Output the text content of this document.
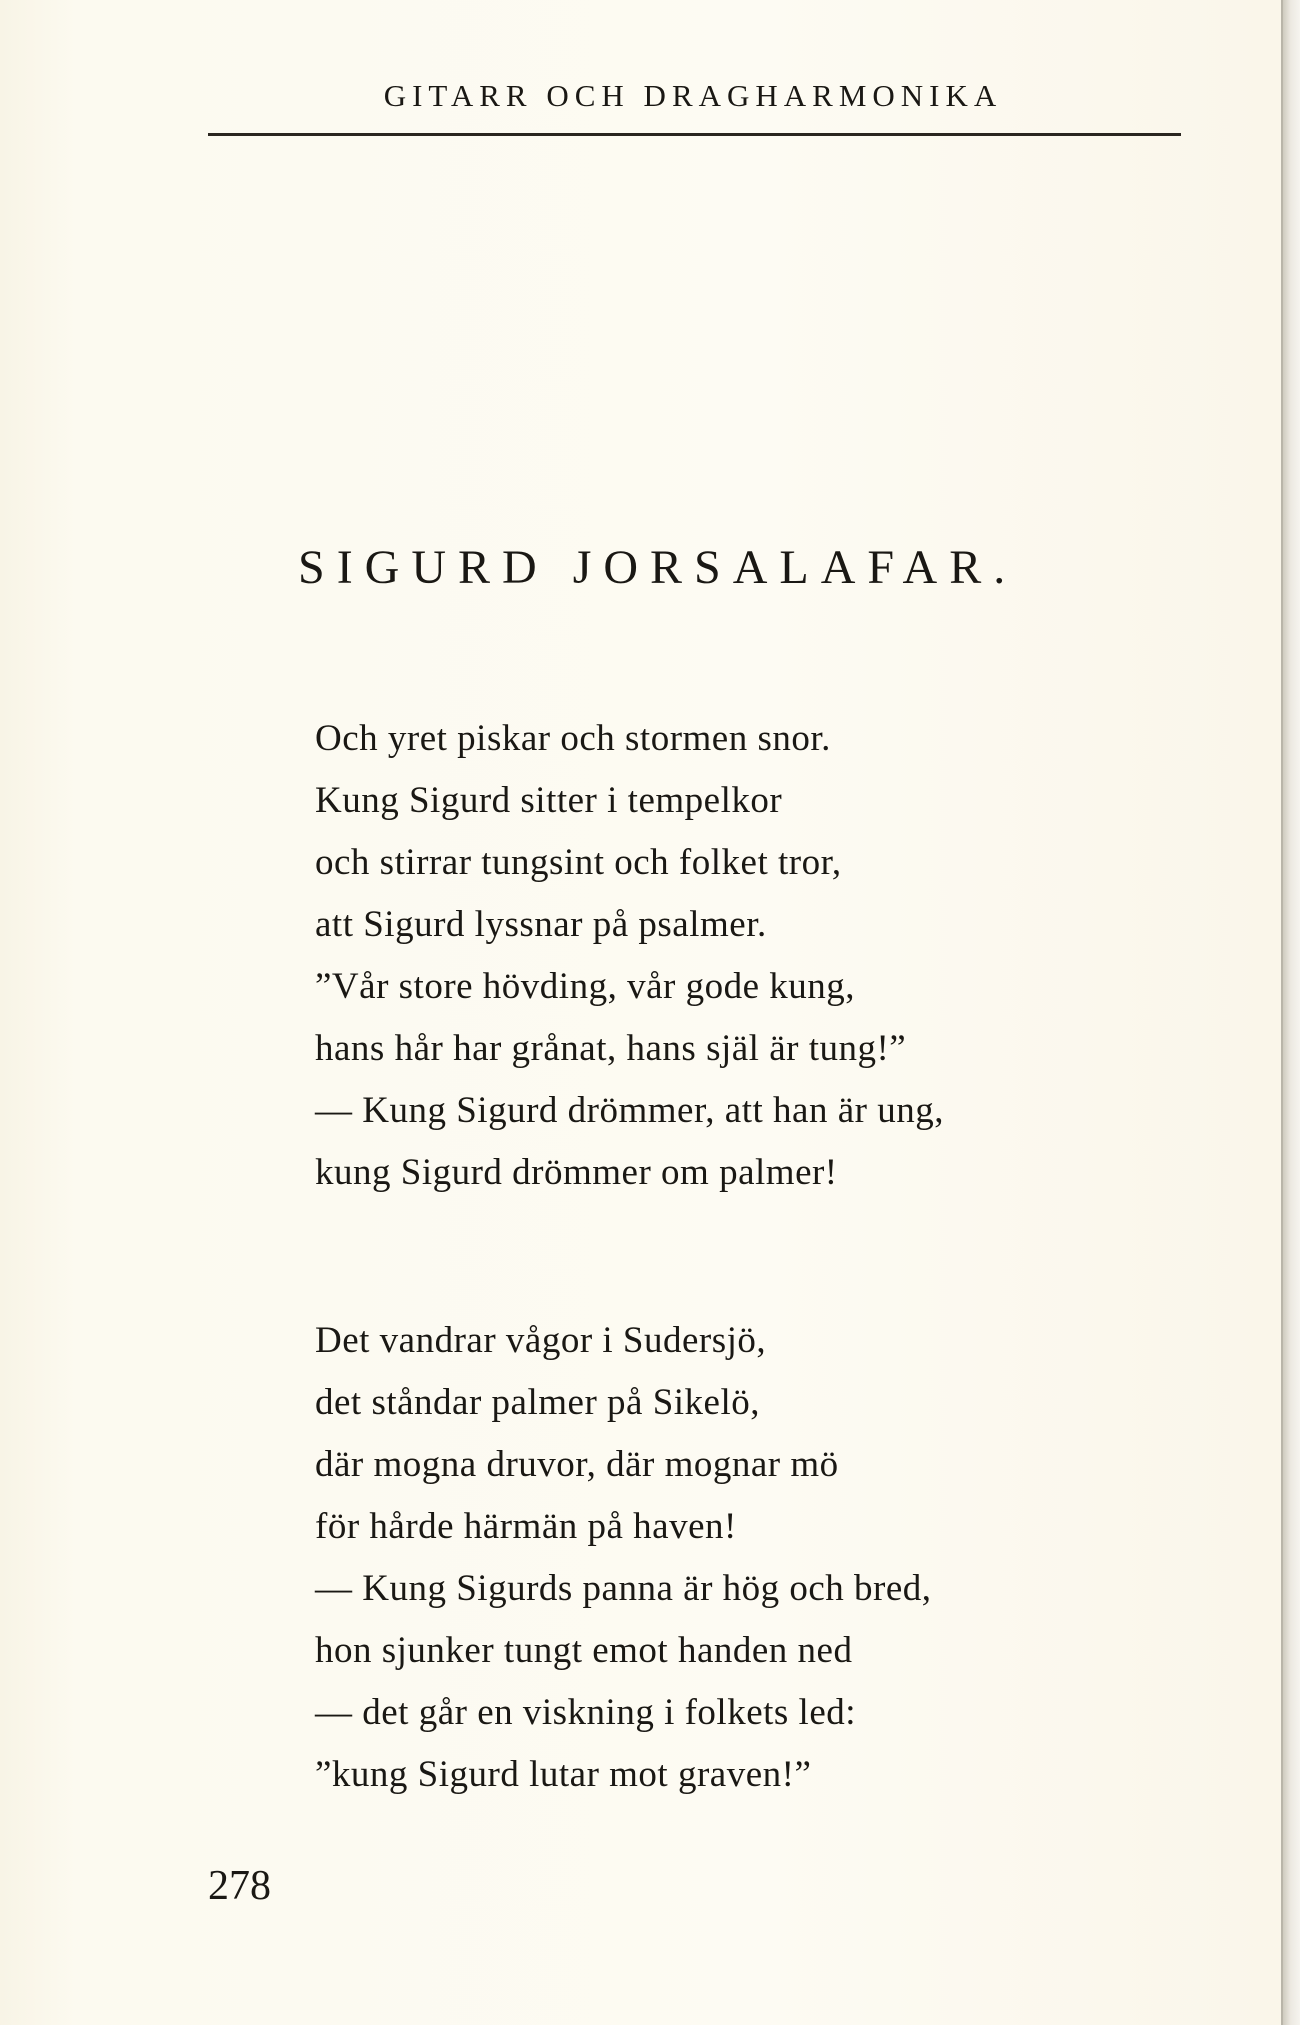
GITARR OCH DRAGHARMONIKA
SIGURD JORSALAFAR.
Och yret piskar och stormen snor.
Kung Sigurd sitter i tempelkor
och stirrar tungsint och folket tror,
att Sigurd lyssnar på psalmer.
”Vår store hövding, vår gode kung,
hans hår har grånat, hans själ är tung!”
— Kung Sigurd drömmer, att han är ung,
kung Sigurd drömmer om palmer!
Det vandrar vågor i Sudersjö,
det ståndar palmer på Sikelö,
där mogna druvor, där mognar mö
för hårde härmän på haven!
— Kung Sigurds panna är hög och bred,
hon sjunker tungt emot handen ned
— det går en viskning i folkets led:
”kung Sigurd lutar mot graven!”
278
